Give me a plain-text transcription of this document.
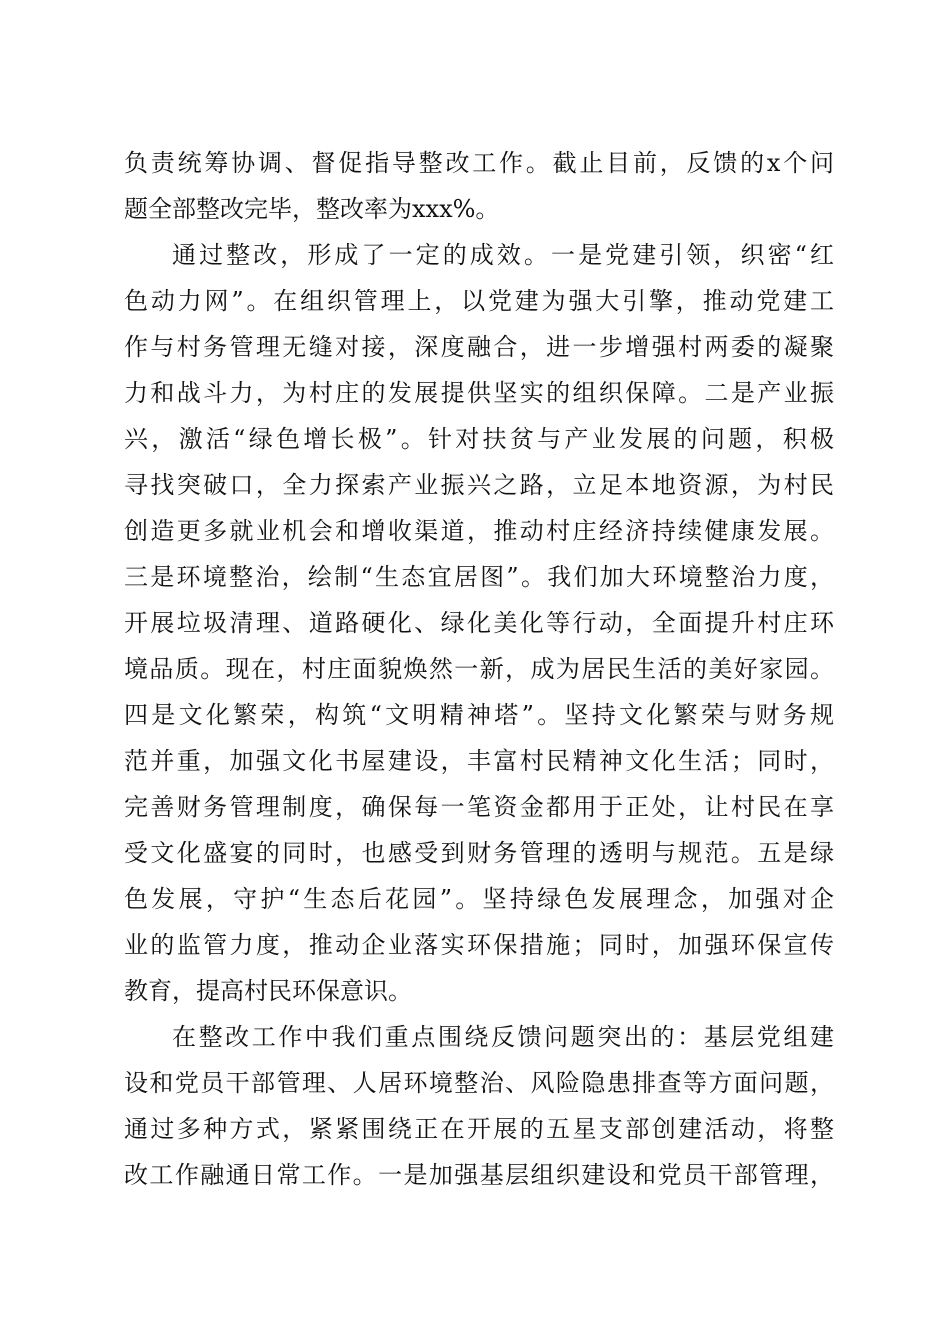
负责统筹协调、督促指导整改工作。截止目前，反馈的x个问
题全部整改完毕，整改率为xxx%。
通过整改，形成了一定的成效。一是党建引领，织密“红
色动力网”。在组织管理上，以党建为强大引擎，推动党建工
作与村务管理无缝对接，深度融合，进一步增强村两委的凝聚
力和战斗力，为村庄的发展提供坚实的组织保障。二是产业振
兴，激活“绿色增长极”。针对扶贫与产业发展的问题，积极
寻找突破口，全力探索产业振兴之路，立足本地资源，为村民
创造更多就业机会和增收渠道，推动村庄经济持续健康发展。
三是环境整治，绘制“生态宜居图”。我们加大环境整治力度，
开展垃圾清理、道路硬化、绿化美化等行动，全面提升村庄环
境品质。现在，村庄面貌焕然一新，成为居民生活的美好家园。
四是文化繁荣，构筑“文明精神塔”。坚持文化繁荣与财务规
范并重，加强文化书屋建设，丰富村民精神文化生活；同时，
完善财务管理制度，确保每一笔资金都用于正处，让村民在享
受文化盛宴的同时，也感受到财务管理的透明与规范。五是绿
色发展，守护“生态后花园”。坚持绿色发展理念，加强对企
业的监管力度，推动企业落实环保措施；同时，加强环保宣传
教育，提高村民环保意识。
在整改工作中我们重点围绕反馈问题突出的：基层党组建
设和党员干部管理、人居环境整治、风险隐患排查等方面问题，
通过多种方式，紧紧围绕正在开展的五星支部创建活动，将整
改工作融通日常工作。一是加强基层组织建设和党员干部管理，
